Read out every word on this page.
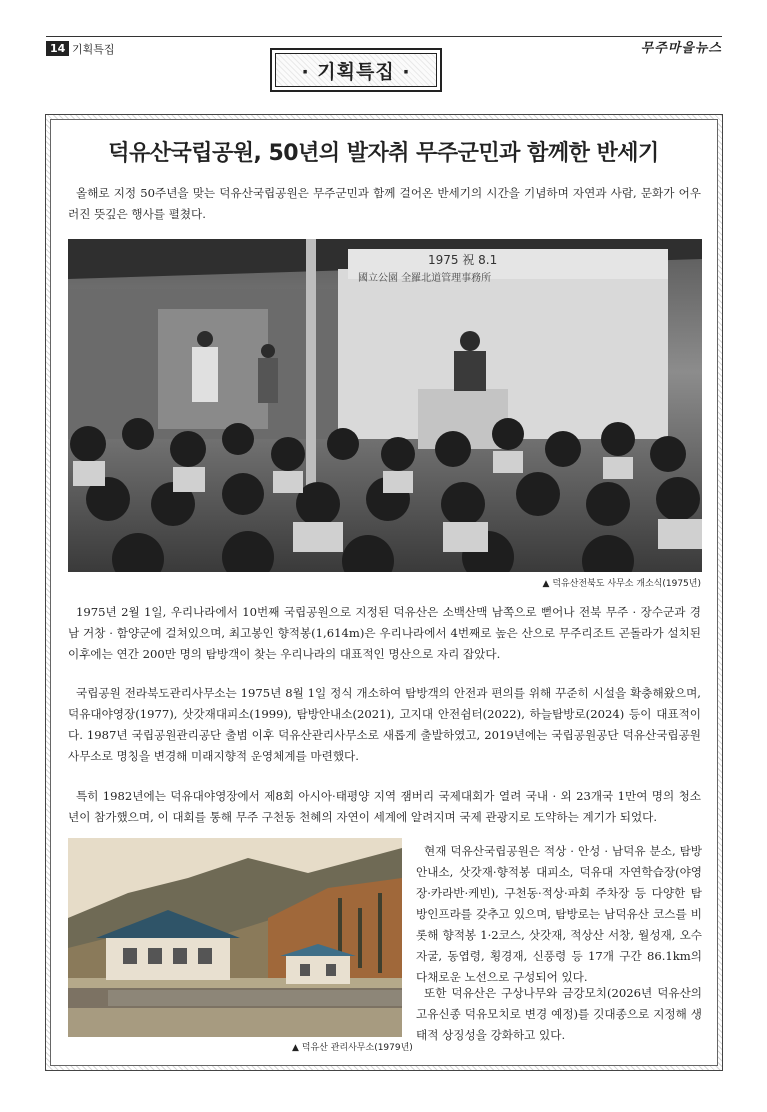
14 기획특집	무주마을뉴스
· 기획특집 ·
덕유산국립공원, 50년의 발자취 무주군민과 함께한 반세기

올해로 지정 50주년을 맞는 덕유산국립공원은 무주군민과 함께 걸어온 반세기의 시간을 기념하며 자연과 사람, 문화가 어우러진 뜻깊은 행사를 펼쳤다.

1975 祝 8.1
國立公園 全羅北道管理事務所
▲ 덕유산전북도 사무소 개소식(1975년)

1975년 2월 1일, 우리나라에서 10번째 국립공원으로 지정된 덕유산은 소백산맥 남쪽으로 뻗어나 전북 무주 · 장수군과 경남 거창 · 함양군에 걸쳐있으며, 최고봉인 향적봉(1,614m)은 우리나라에서 4번째로 높은 산으로 무주리조트 곤돌라가 설치된 이후에는 연간 200만 명의 탐방객이 찾는 우리나라의 대표적인 명산으로 자리 잡았다.

국립공원 전라북도관리사무소는 1975년 8월 1일 정식 개소하여 탐방객의 안전과 편의를 위해 꾸준히 시설을 확충해왔으며, 덕유대야영장(1977), 삿갓재대피소(1999), 탐방안내소(2021), 고지대 안전쉼터(2022), 하늘탐방로(2024) 등이 대표적이다. 1987년 국립공원관리공단 출범 이후 덕유산관리사무소로 새롭게 출발하였고, 2019년에는 국립공원공단 덕유산국립공원사무소로 명칭을 변경해 미래지향적 운영체계를 마련했다.

특히 1982년에는 덕유대야영장에서 제8회 아시아·태평양 지역 잼버리 국제대회가 열려 국내 · 외 23개국 1만여 명의 청소년이 참가했으며, 이 대회를 통해 무주 구천동 천혜의 자연이 세계에 알려지며 국제 관광지로 도약하는 계기가 되었다.

▲ 덕유산 관리사무소(1979년)

현재 덕유산국립공원은 적상 · 안성 · 남덕유 분소, 탐방안내소, 삿갓재·향적봉 대피소, 덕유대 자연학습장(야영장·카라반·케빈), 구천동·적상·파회 주차장 등 다양한 탐방인프라를 갖추고 있으며, 탐방로는 남덕유산 코스를 비롯해 향적봉 1·2코스, 삿갓재, 적상산 서창, 월성재, 오수자굴, 동엽령, 횡경재, 신풍령 등 17개 구간 86.1km의 다채로운 노선으로 구성되어 있다.

또한 덕유산은 구상나무와 금강모치(2026년 덕유산의 고유신종 덕유모치로 변경 예정)를 깃대종으로 지정해 생태적 상징성을 강화하고 있다.
